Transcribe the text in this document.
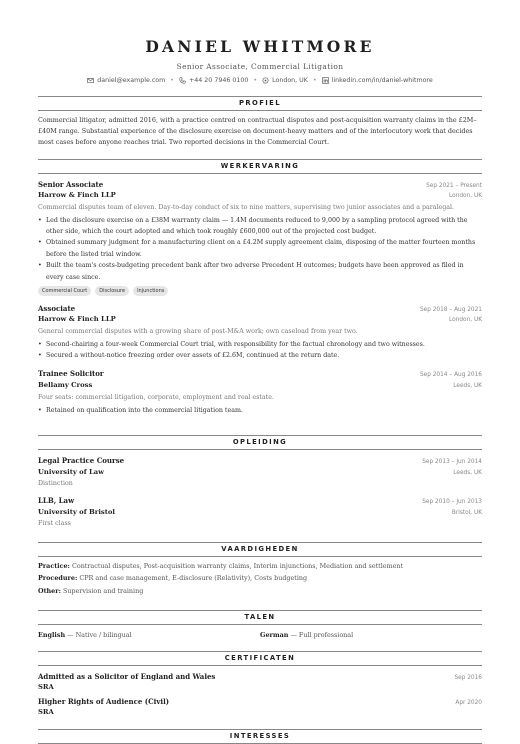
DANIEL WHITMORE
Senior Associate, Commercial Litigation
daniel@example.com • +44 20 7946 0100 • London, UK • linkedin.com/in/daniel-whitmore
PROFIEL
Commercial litigator, admitted 2016, with a practice centred on contractual disputes and post-acquisition warranty claims in the £2M–£40M range. Substantial experience of the disclosure exercise on document-heavy matters and of the interlocutory work that decides most cases before anyone reaches trial. Two reported decisions in the Commercial Court.
WERKERVARING
Senior Associate	Sep 2021 – Present
Harrow & Finch LLP	London, UK
Commercial disputes team of eleven. Day-to-day conduct of six to nine matters, supervising two junior associates and a paralegal.
• Led the disclosure exercise on a £38M warranty claim — 1.4M documents reduced to 9,000 by a sampling protocol agreed with the other side, which the court adopted and which took roughly £600,000 out of the projected cost budget.
• Obtained summary judgment for a manufacturing client on a £4.2M supply agreement claim, disposing of the matter fourteen months before the listed trial window.
• Built the team's costs-budgeting precedent bank after two adverse Precedent H outcomes; budgets have been approved as filed in every case since.
Commercial Court	Disclosure	Injunctions
Associate	Sep 2018 – Aug 2021
Harrow & Finch LLP	London, UK
General commercial disputes with a growing share of post-M&A work; own caseload from year two.
• Second-chairing a four-week Commercial Court trial, with responsibility for the factual chronology and two witnesses.
• Secured a without-notice freezing order over assets of £2.6M, continued at the return date.
Trainee Solicitor	Sep 2014 – Aug 2016
Bellamy Cross	Leeds, UK
Four seats: commercial litigation, corporate, employment and real estate.
• Retained on qualification into the commercial litigation team.
OPLEIDING
Legal Practice Course	Sep 2013 – Jun 2014
University of Law	Leeds, UK
Distinction
LLB, Law	Sep 2010 – Jun 2013
University of Bristol	Bristol, UK
First class
VAARDIGHEDEN
Practice: Contractual disputes, Post-acquisition warranty claims, Interim injunctions, Mediation and settlement
Procedure: CPR and case management, E-disclosure (Relativity), Costs budgeting
Other: Supervision and training
TALEN
English — Native / bilingual	German — Full professional
CERTIFICATEN
Admitted as a Solicitor of England and Wales	Sep 2016
SRA
Higher Rights of Audience (Civil)	Apr 2020
SRA
INTERESSES
